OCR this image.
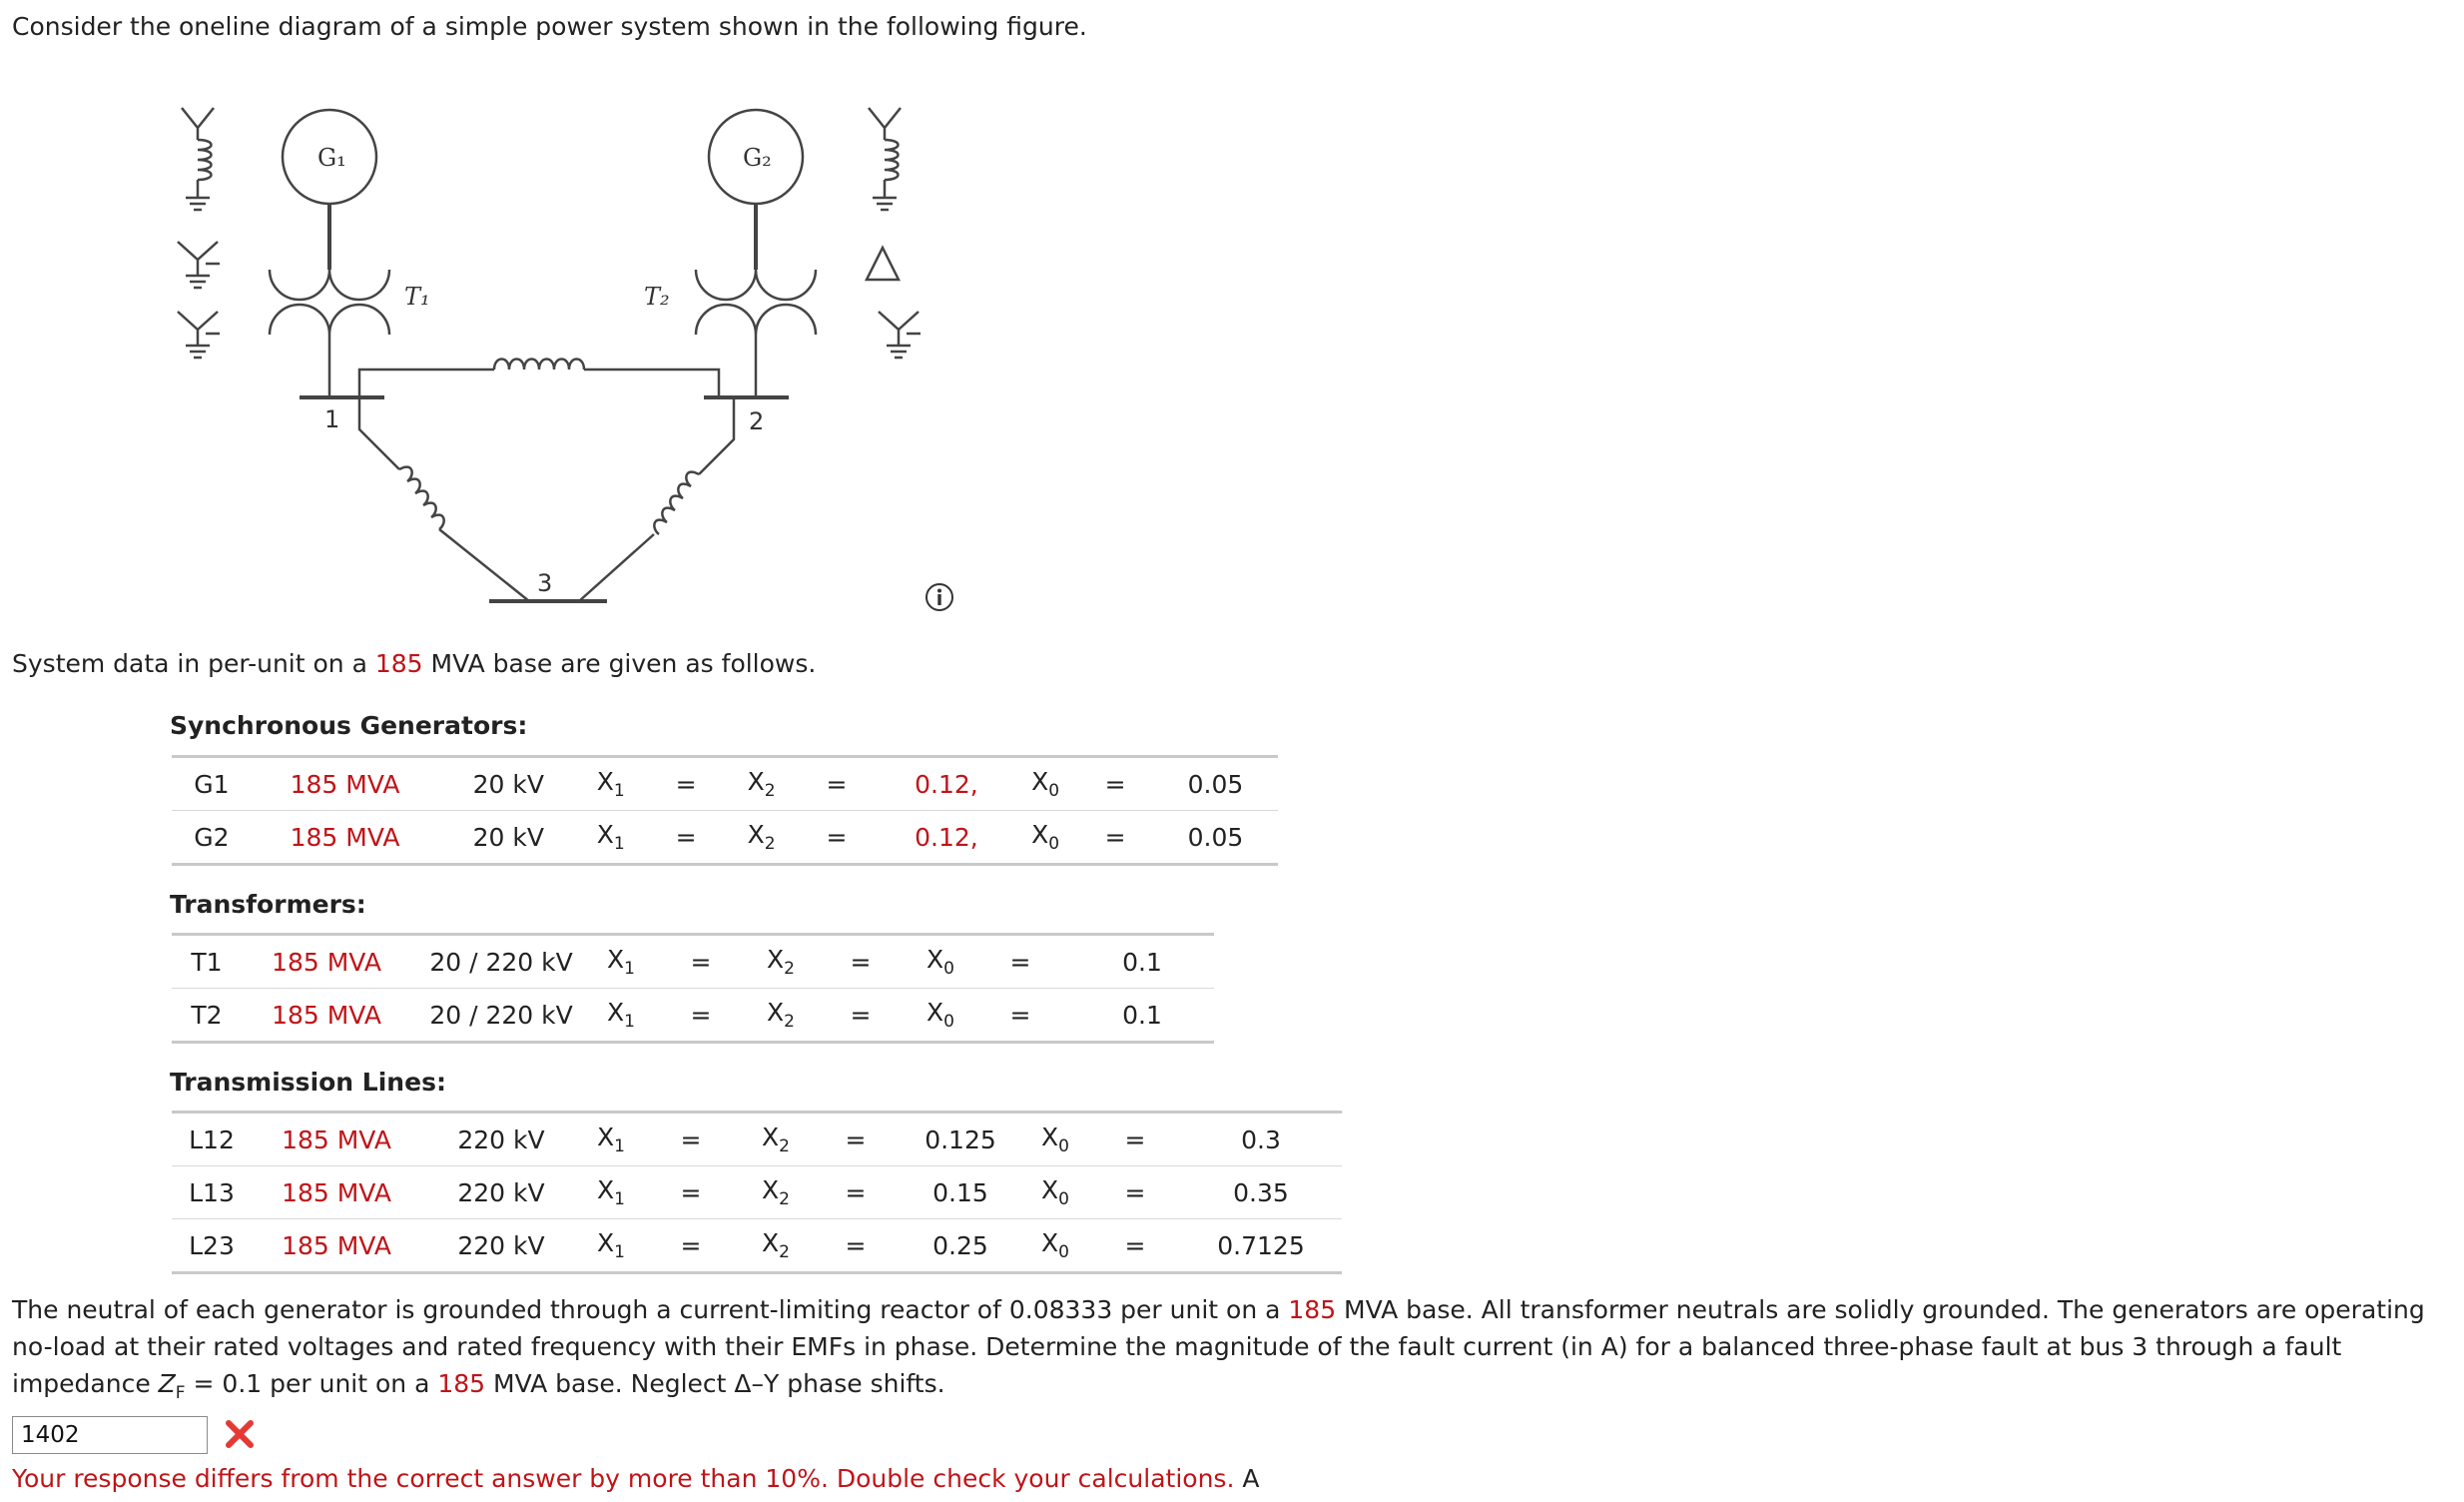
Consider the oneline diagram of a simple power system shown in the following figure.
G₁	G₂
T₁	T₂
1	2
3
System data in per-unit on a 185 MVA base are given as follows.
Synchronous Generators:
G1	185 MVA	20 kV	$X_1$	=	$X_2$	=	0.12,	$X_0$	=	0.05
G2	185 MVA	20 kV	$X_1$	=	$X_2$	=	0.12,	$X_0$	=	0.05
Transformers:
T1	185 MVA	20 / 220 kV	$X_1$	=	$X_2$	=	$X_0$	=	0.1
T2	185 MVA	20 / 220 kV	$X_1$	=	$X_2$	=	$X_0$	=	0.1
Transmission Lines:
L12	185 MVA	220 kV	$X_1$	=	$X_2$	=	0.125	$X_0$	=	0.3
L13	185 MVA	220 kV	$X_1$	=	$X_2$	=	0.15	$X_0$	=	0.35
L23	185 MVA	220 kV	$X_1$	=	$X_2$	=	0.25	$X_0$	=	0.7125
The neutral of each generator is grounded through a current-limiting reactor of 0.08333 per unit on a 185 MVA base. All transformer neutrals are solidly grounded. The generators are operating no-load at their rated voltages and rated frequency with their EMFs in phase. Determine the magnitude of the fault current (in A) for a balanced three-phase fault at bus 3 through a fault impedance $Z_F = 0.1$ per unit on a 185 MVA base. Neglect Δ–Y phase shifts.
1402
Your response differs from the correct answer by more than 10%. Double check your calculations. A
